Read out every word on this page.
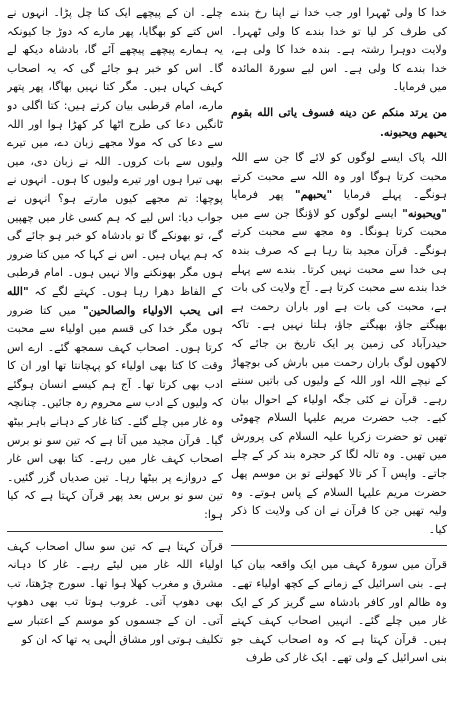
خدا کا ولی ٹھہرا اور جب خدا نے اپنا رخ بندے کی طرف کر لیا تو خدا بندے کا ولی ٹھہرا۔ ولایت دوہرا رشتہ ہے۔ بندہ خدا کا ولی ہے، خدا بندے کا ولی ہے۔ اس لیے سورۃ المائدہ میں فرمایا۔

من یرتد منکم عن دینه فسوف یاتی الله بقوم یحبهم ویحبونه.

اللہ پاک ایسے لوگوں کو لائے گا جن سے اللہ محبت کرتا ہوگا اور وہ اللہ سے محبت کرتے ہونگے۔ پہلے فرمایا "یحبهم" پھر فرمایا "ویحبونه" ایسے لوگوں کو لاؤنگا جن سے میں محبت کرتا ہونگا۔ وہ مجھ سے محبت کرتے ہونگے۔ قرآن مجید بتا رہا ہے کہ صرف بندہ ہی خدا سے محبت نہیں کرتا۔ بندے سے پہلے خدا بندے سے محبت کرتا ہے۔ آج ولایت کی بات ہے، محبت کی بات ہے اور باران رحمت ہے بھیگتے جاؤ، بھیگتے جاؤ، ہلتا نہیں ہے۔ تاکہ حیدرآباد کی زمین پر ایک تاریخ بن جائے کہ لاکھوں لوگ باران رحمت میں بارش کی بوچھاڑ کے نیچے اللہ اور اللہ کے ولیوں کی باتیں سنتے رہے۔ قرآن نے کئی جگہ اولیاء کے احوال بیان کیے۔ جب حضرت مریم علیہا السلام چھوٹی تھیں تو حضرت زکریا علیہ السلام کی پرورش میں تھیں۔ وہ تالہ لگا کر حجرہ بند کر کے چلے جاتے۔ واپس آ کر تالا کھولتے تو بن موسم پھل حضرت مریم علیہا السلام کے پاس ہوتے۔ وہ ولیہ تھیں جن کا قرآن نے ان کی ولایت کا ذکر کیا۔

قرآن میں سورۃ کہف میں ایک واقعہ بیان کیا ہے۔ بنی اسرائیل کے زمانے کے کچھ اولیاء تھے۔ وہ ظالم اور کافر بادشاہ سے گریز کر کے ایک غار میں چلے گئے۔ انہیں اصحاب کہف کہتے ہیں۔ قرآن کہتا ہے کہ وہ اصحاب کہف جو بنی اسرائیل کے ولی تھے۔ ایک غار کی طرف

چلے۔ ان کے پیچھے ایک کتا چل پڑا۔ انہوں نے اس کتے کو بھگایا، پھر مارے کہ دوڑ جا کیونکہ یہ ہمارے پیچھے پیچھے آئے گا، بادشاہ دیکھ لے گا۔ اس کو خبر ہو جائے گی کہ یہ اصحاب کہف کہاں ہیں۔ مگر کتا نہیں بھاگا، پھر پتھر مارے، امام قرطبی بیان کرتے ہیں: کتا اگلی دو ٹانگیں دعا کی طرح اٹھا کر کھڑا ہوا اور اللہ سے دعا کی کہ مولا مجھے زبان دے، میں تیرے ولیوں سے بات کروں۔ اللہ نے زبان دی، میں بھی تیرا ہوں اور تیرے ولیوں کا ہوں۔ انہوں نے پوچھا: تم مجھے کیوں مارتے ہو؟ انہوں نے جواب دیا: اس لیے کہ ہم کسی غار میں چھپیں گے، تو بھونکے گا تو بادشاہ کو خبر ہو جائے گی کہ ہم یہاں ہیں۔ اس نے کہا کہ میں کتا ضرور ہوں مگر بھونکنے والا نہیں ہوں۔ امام قرطبی کے الفاظ دھرا رہا ہوں۔ کہتے لگے کہ "الله انی یحب الاولیاء والصالحین" میں کتا ضرور ہوں مگر خدا کی قسم میں اولیاء سے محبت کرتا ہوں۔ اصحاب کہف سمجھ گئے۔ ارے اس وقت کا کتا بھی اولیاء کو پہچانتا تھا اور ان کا ادب بھی کرتا تھا۔ آج ہم کیسے انسان ہوگئے کہ ولیوں کے ادب سے محروم رہ جائیں۔ چنانچہ وہ غار میں چلے گئے۔ کتا غار کے دہانے باہر بیٹھ گیا۔ قرآن مجید میں آتا ہے کہ تین سو نو برس اصحاب کہف غار میں رہے۔ کتا بھی اس غار کے دروازے پر بیٹھا رہا۔ تین صدیاں گزر گئیں۔ تین سو نو برس بعد پھر قرآن کہتا ہے کہ کیا ہوا:

قرآن کہتا ہے کہ تین سو سال اصحاب کہف اولیاء اللہ غار میں لیٹے رہے۔ غار کا دہانہ مشرق و مغرب کھلا ہوا تھا۔ سورج چڑھتا، تب بھی دھوپ آتی۔ غروب ہوتا تب بھی دھوپ آتی۔ ان کے جسموں کو موسم کے اعتبار سے تکلیف ہوتی اور مشاق الٰہی یہ تھا کہ ان کو
